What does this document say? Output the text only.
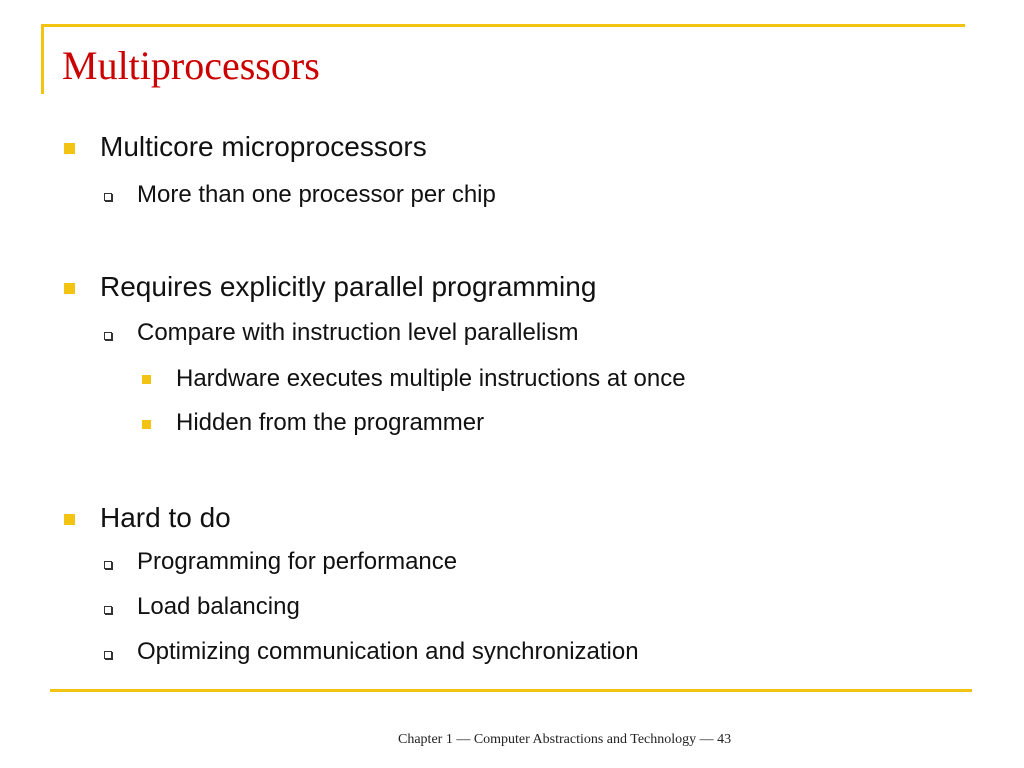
Multiprocessors
Multicore microprocessors
More than one processor per chip
Requires explicitly parallel programming
Compare with instruction level parallelism
Hardware executes multiple instructions at once
Hidden from the programmer
Hard to do
Programming for performance
Load balancing
Optimizing communication and synchronization
Chapter 1 — Computer Abstractions and Technology — 43
